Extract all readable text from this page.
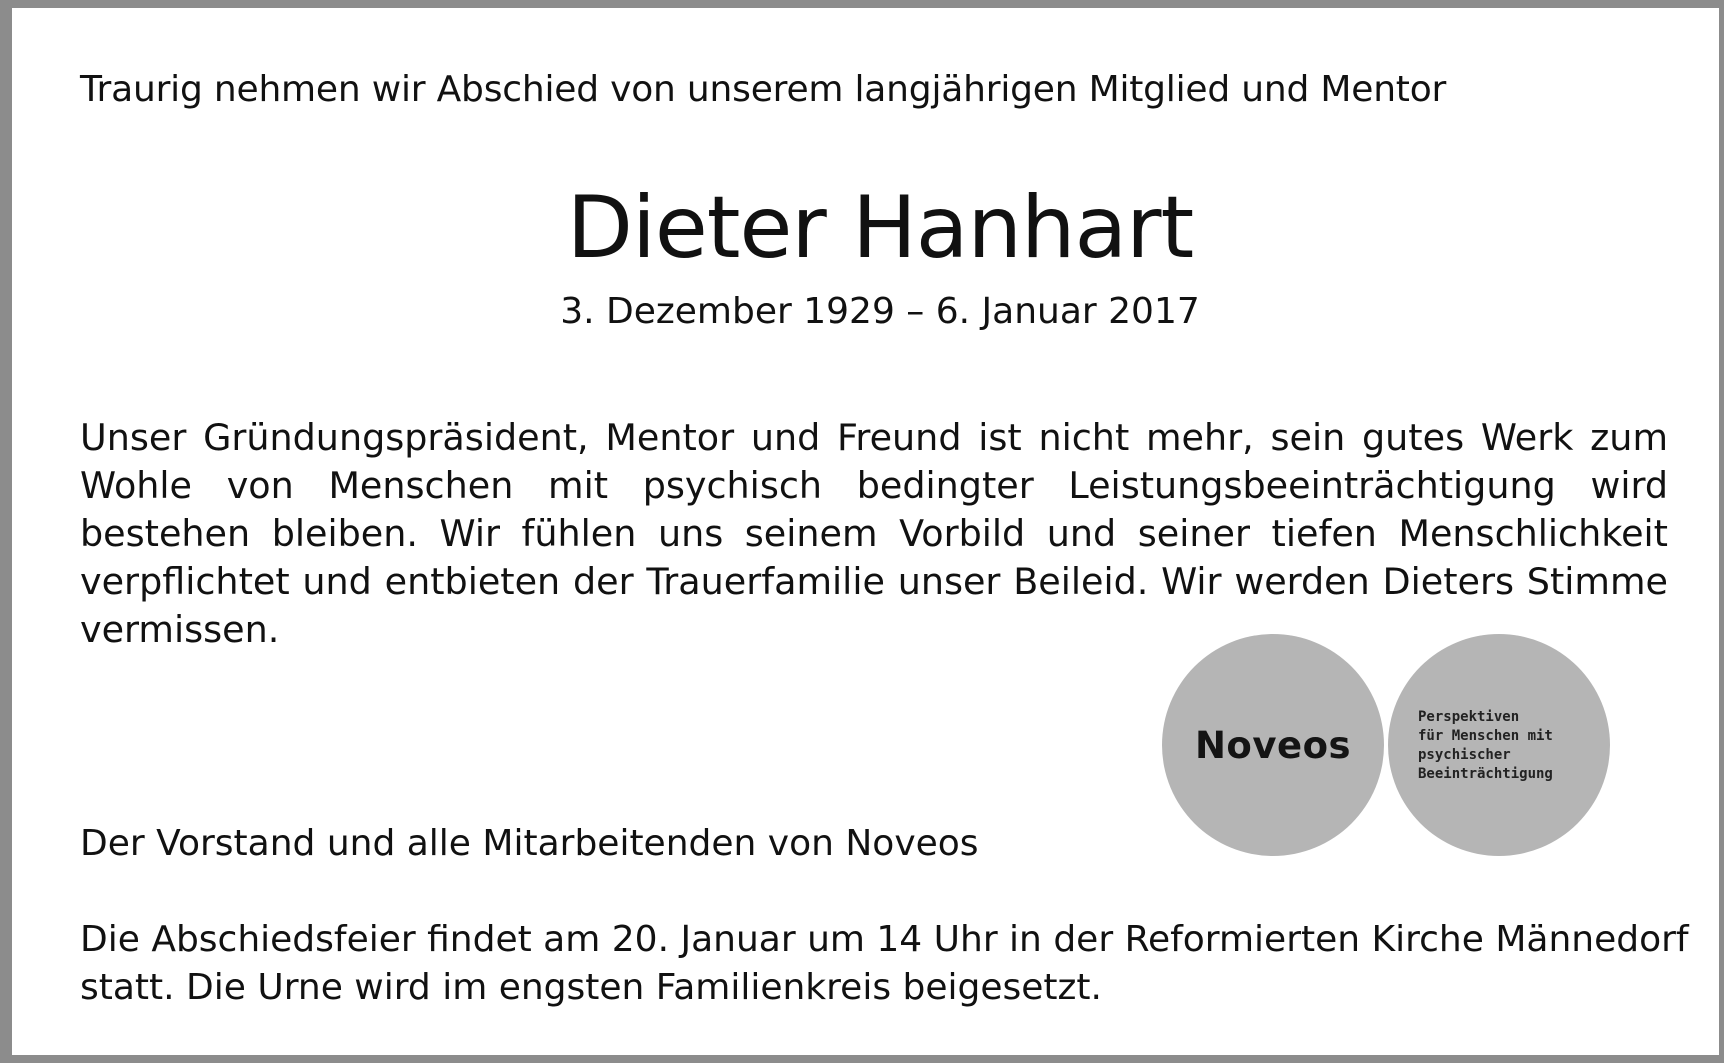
Traurig nehmen wir Abschied von unserem langjährigen Mitglied und Mentor
Dieter Hanhart
3. Dezember 1929 – 6. Januar 2017
Unser Gründungspräsident, Mentor und Freund ist nicht mehr, sein gutes Werk zum Wohle von Menschen mit psychisch bedingter Leistungsbeeinträchtigung wird bestehen bleiben. Wir fühlen uns seinem Vorbild und seiner tiefen Menschlichkeit verpflichtet und entbieten der Trauerfamilie unser Beileid. Wir werden Dieters Stimme vermissen.
Noveos
Perspektiven
für Menschen mit
psychischer
Beeinträchtigung
Der Vorstand und alle Mitarbeitenden von Noveos
Die Abschiedsfeier findet am 20. Januar um 14 Uhr in der Reformierten Kirche Männedorf
statt. Die Urne wird im engsten Familienkreis beigesetzt.
